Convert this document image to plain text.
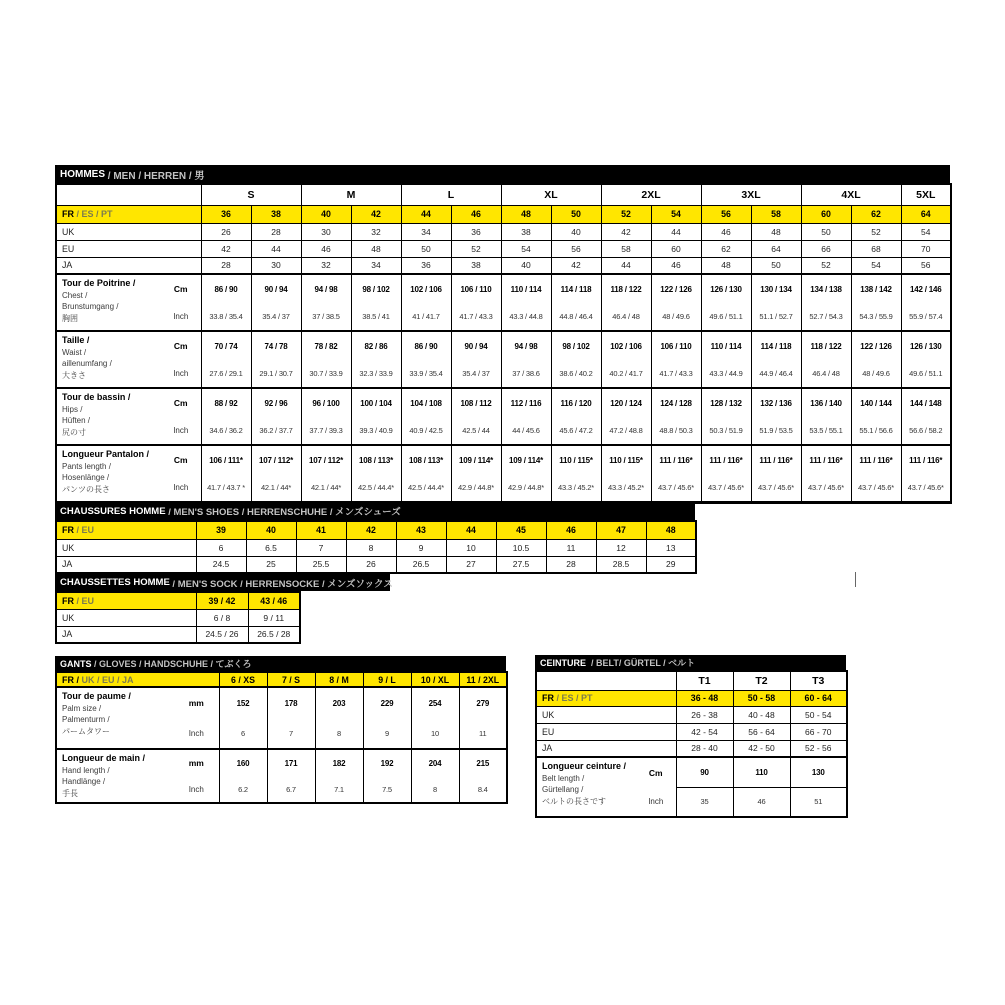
HOMMES / MEN / HERREN / 男
CHAUSSURES HOMME / MEN'S SHOES / HERRENSCHUHE / メンズシューズ
CHAUSSETTES HOMME / MEN'S SOCK / HERRENSOCKE / メンズソックス
GANTS / GLOVES / HANDSCHUHE / てぶくろ	CEINTURE / BELT/ GÜRTEL / ベルト
		S		M		L		XL		2XL		3XL		4XL		5XL
FR / ES / PT		36	38	40	42	44	46	48	50	52	54	56	58	60	62	64
UK		26	28	30	32	34	36	38	40	42	44	46	48	50	52	54
EU		42	44	46	48	50	52	54	56	58	60	62	64	66	68	70
JA		28	30	32	34	36	38	40	42	44	46	48	50	52	54	56

Tour de Poitrine /
Chest /
Brunstumgang /
胸囲	Cm	86 / 90	90 / 94	94 / 98	98 / 102	102 / 106	106 / 110	110 / 114	114 / 118	118 / 122	122 / 126	126 / 130	130 / 134	134 / 138	138 / 142	142 / 146
	Inch	33.8 / 35.4	35.4 / 37	37 / 38.5	38.5 / 41	41 / 41.7	41.7 / 43.3	43.3 / 44.8	44.8 / 46.4	46.4 / 48	48 / 49.6	49.6 / 51.1	51.1 / 52.7	52.7 / 54.3	54.3 / 55.9	55.9 / 57.4

Taille /
Waist /
aillenumfang /
大きさ	Cm	70 / 74	74 / 78	78 / 82	82 / 86	86 / 90	90 / 94	94 / 98	98 / 102	102 / 106	106 / 110	110 / 114	114 / 118	118 / 122	122 / 126	126 / 130
	Inch	27.6 / 29.1	29.1 / 30.7	30.7 / 33.9	32.3 / 33.9	33.9 / 35.4	35.4 / 37	37 / 38.6	38.6 / 40.2	40.2 / 41.7	41.7 / 43.3	43.3 / 44.9	44.9 / 46.4	46.4 / 48	48 / 49.6	49.6 / 51.1

Tour de bassin /
Hips /
Hüften /
尻の寸	Cm	88 / 92	92 / 96	96 / 100	100 / 104	104 / 108	108 / 112	112 / 116	116 / 120	120 / 124	124 / 128	128 / 132	132 / 136	136 / 140	140 / 144	144 / 148
	Inch	34.6 / 36.2	36.2 / 37.7	37.7 / 39.3	39.3 / 40.9	40.9 / 42.5	42.5 / 44	44 / 45.6	45.6 / 47.2	47.2 / 48.8	48.8 / 50.3	50.3 / 51.9	51.9 / 53.5	53.5 / 55.1	55.1 / 56.6	56.6 / 58.2

Longueur Pantalon /
Pants length /
Hosenlänge /
パンツの長さ	Cm	106 / 111*	107 / 112*	107 / 112*	108 / 113*	108 / 113*	109 / 114*	109 / 114*	110 / 115*	110 / 115*	111 / 116*	111 / 116*	111 / 116*	111 / 116*	111 / 116*	111 / 116*
	Inch	41.7 / 43.7 *	42.1 / 44*	42.1 / 44*	42.5 / 44.4*	42.5 / 44.4*	42.9 / 44.8*	42.9 / 44.8*	43.3 / 45.2*	43.3 / 45.2*	43.7 / 45.6*	43.7 / 45.6*	43.7 / 45.6*	43.7 / 45.6*	43.7 / 45.6*	43.7 / 45.6*
FR / EU	39	40	41	42	43	44	45	46	47	48
UK	6	6.5	7	8	9	10	10.5	11	12	13
JA	24.5	25	25.5	26	26.5	27	27.5	28	28.5	29
FR / EU	39 / 42	43 / 46
UK	6 / 8	9 / 11
JA	24.5 / 26	26.5 / 28
FR / UK / EU / JA		6 / XS	7 / S	8 / M	9 / L	10 / XL	11 / 2XL

Tour de paume /
Palm size /
Palmenturm /
パームタワー	mm	152	178	203	229	254	279
	Inch	6	7	8	9	10	11

Longueur de main /
Hand length /
Handlänge /
手長	mm	160	171	182	192	204	215
	Inch	6.2	6.7	7.1	7.5	8	8.4
		T1	T2	T3
FR / ES / PT		36 - 48	50 - 58	60 - 64
UK		26 - 38	40 - 48	50 - 54
EU		42 - 54	56 - 64	66 - 70
JA		28 - 40	42 - 50	52 - 56

Longueur ceinture /
Belt length /
Gürtellang /
ベルトの長さです	Cm	90	110	130
	Inch	35	46	51
